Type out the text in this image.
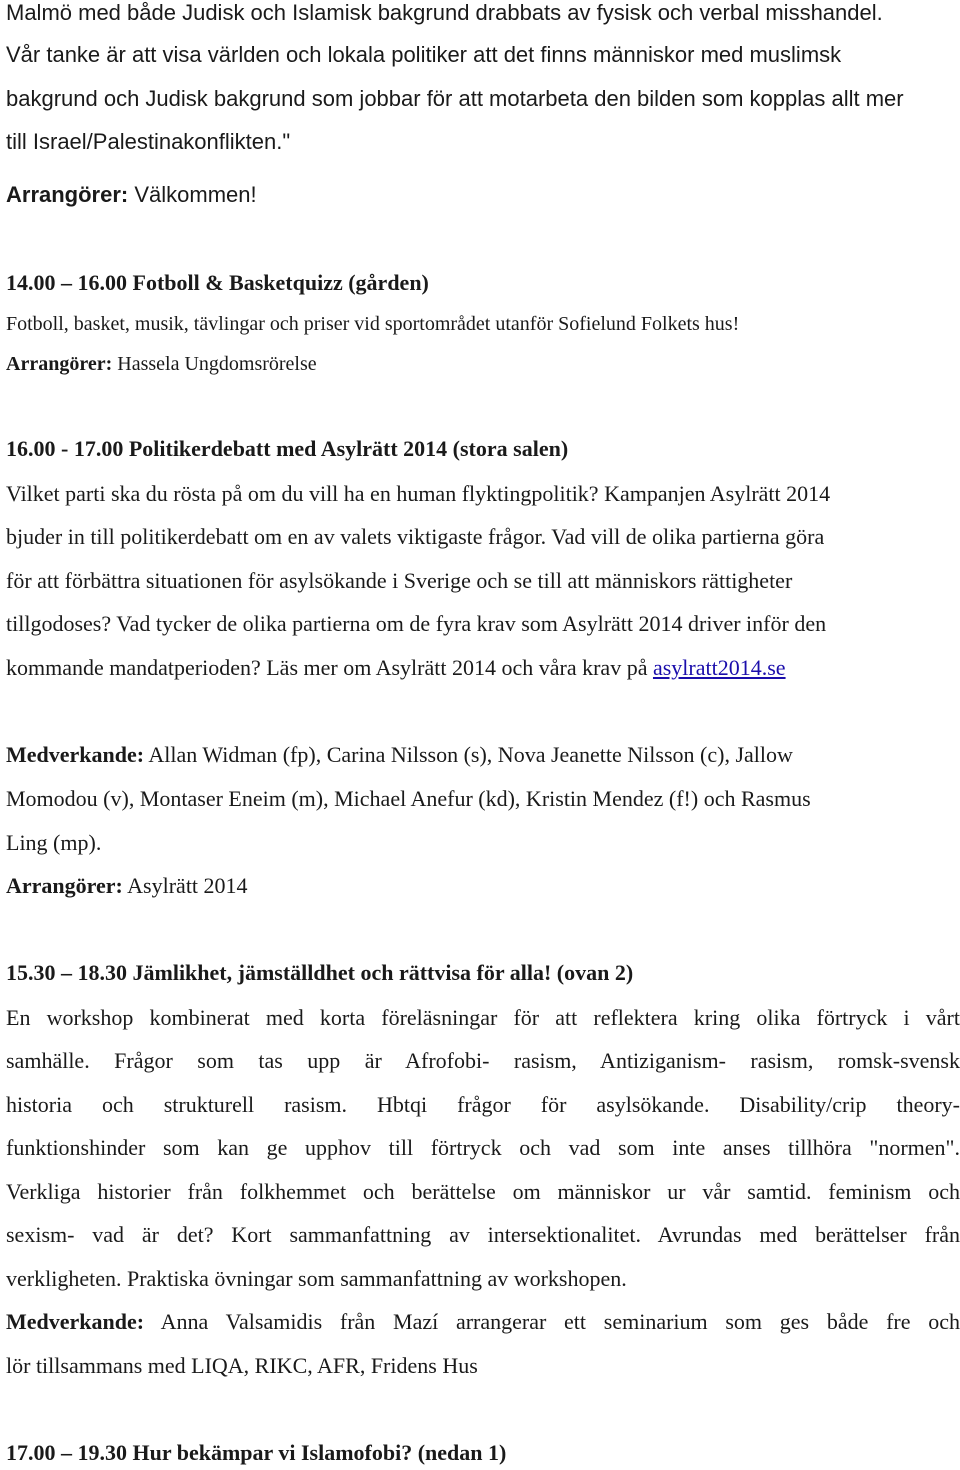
Malmö med både Judisk och Islamisk bakgrund drabbats av fysisk och verbal misshandel.

Vår tanke är att visa världen och lokala politiker att det finns människor med muslimsk

bakgrund och Judisk bakgrund som jobbar för att motarbeta den bilden som kopplas allt mer

till Israel/Palestinakonflikten."

Arrangörer: Välkommen!

14.00 – 16.00 Fotboll & Basketquizz (gården)

Fotboll, basket, musik, tävlingar och priser vid sportområdet utanför Sofielund Folkets hus!

Arrangörer: Hassela Ungdomsrörelse

16.00 - 17.00 Politikerdebatt med Asylrätt 2014 (stora salen)

Vilket parti ska du rösta på om du vill ha en human flyktingpolitik? Kampanjen Asylrätt 2014

bjuder in till politikerdebatt om en av valets viktigaste frågor. Vad vill de olika partierna göra

för att förbättra situationen för asylsökande i Sverige och se till att människors rättigheter

tillgodoses? Vad tycker de olika partierna om de fyra krav som Asylrätt 2014 driver inför den

kommande mandatperioden? Läs mer om Asylrätt 2014 och våra krav på asylratt2014.se

Medverkande: Allan Widman (fp), Carina Nilsson (s), Nova Jeanette Nilsson (c), Jallow

Momodou (v), Montaser Eneim (m), Michael Anefur (kd), Kristin Mendez (f!) och Rasmus

Ling (mp).

Arrangörer: Asylrätt 2014

15.30 – 18.30 Jämlikhet, jämställdhet och rättvisa för alla! (ovan 2)

En workshop kombinerat med korta föreläsningar för att reflektera kring olika förtryck i vårt

samhälle. Frågor som tas upp är Afrofobi- rasism, Antiziganism- rasism, romsk-svensk

historia och strukturell rasism. Hbtqi frågor för asylsökande. Disability/crip theory-

funktionshinder som kan ge upphov till förtryck och vad som inte anses tillhöra "normen".

Verkliga historier från folkhemmet och berättelse om människor ur vår samtid. feminism och

sexism- vad är det? Kort sammanfattning av intersektionalitet. Avrundas med berättelser från

verkligheten. Praktiska övningar som sammanfattning av workshopen.

Medverkande: Anna Valsamidis från Mazí arrangerar ett seminarium som ges både fre och

lör tillsammans med LIQA, RIKC, AFR, Fridens Hus

17.00 – 19.30 Hur bekämpar vi Islamofobi? (nedan 1)
